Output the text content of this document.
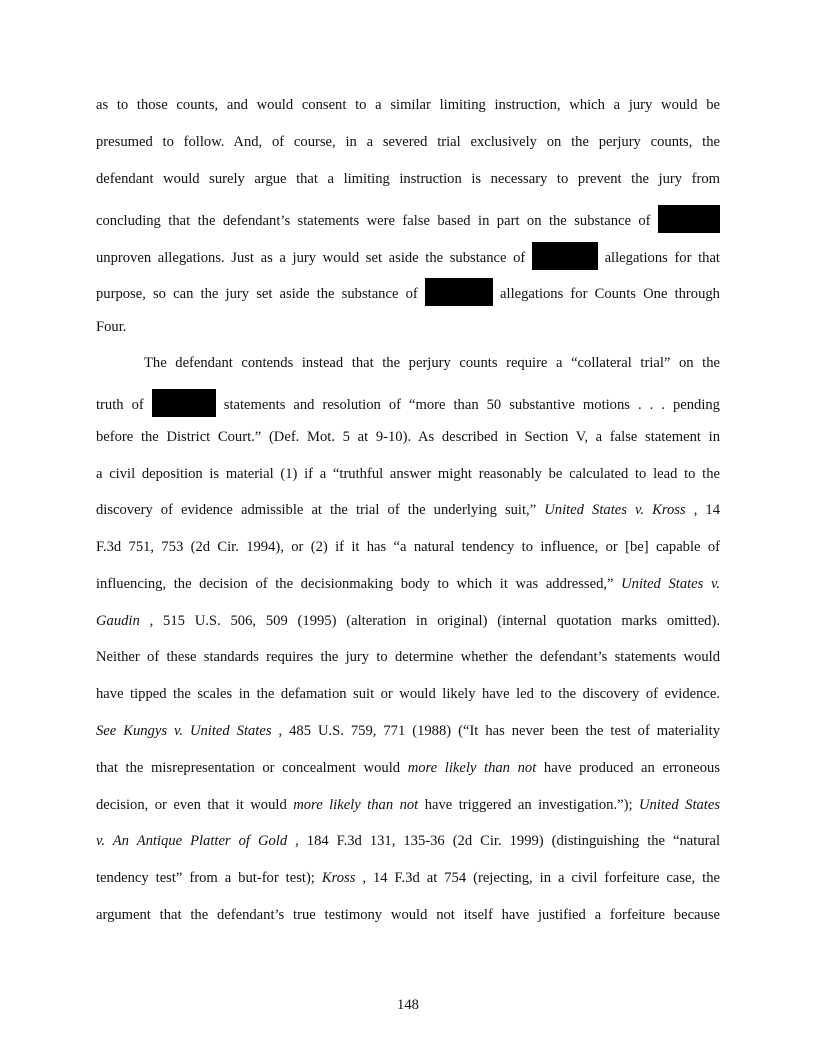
as to those counts, and would consent to a similar limiting instruction, which a jury would be
presumed to follow. And, of course, in a severed trial exclusively on the perjury counts, the
defendant would surely argue that a limiting instruction is necessary to prevent the jury from
concluding that the defendant’s statements were false based in part on the substance of
unproven allegations. Just as a jury would set aside the substance of	allegations for that
purpose, so can the jury set aside the substance of	allegations for Counts One through
Four.
The defendant contends instead that the perjury counts require a “collateral trial” on the
truth of	statements and resolution of “more than 50 substantive motions . . . pending
before the District Court.” (Def. Mot. 5 at 9-10). As described in Section V, a false statement in
a civil deposition is material (1) if a “truthful answer might reasonably be calculated to lead to the
discovery of evidence admissible at the trial of the underlying suit,” United States v. Kross , 14
F.3d 751, 753 (2d Cir. 1994), or (2) if it has “a natural tendency to influence, or [be] capable of
influencing, the decision of the decisionmaking body to which it was addressed,” United States v.
Gaudin , 515 U.S. 506, 509 (1995) (alteration in original) (internal quotation marks omitted).
Neither of these standards requires the jury to determine whether the defendant’s statements would
have tipped the scales in the defamation suit or would likely have led to the discovery of evidence.
See Kungys v. United States , 485 U.S. 759, 771 (1988) (“It has never been the test of materiality
that the misrepresentation or concealment would more likely than not have produced an erroneous
decision, or even that it would more likely than not have triggered an investigation.”); United States
v. An Antique Platter of Gold , 184 F.3d 131, 135-36 (2d Cir. 1999) (distinguishing the “natural
tendency test” from a but-for test); Kross , 14 F.3d at 754 (rejecting, in a civil forfeiture case, the
argument that the defendant’s true testimony would not itself have justified a forfeiture because
148
